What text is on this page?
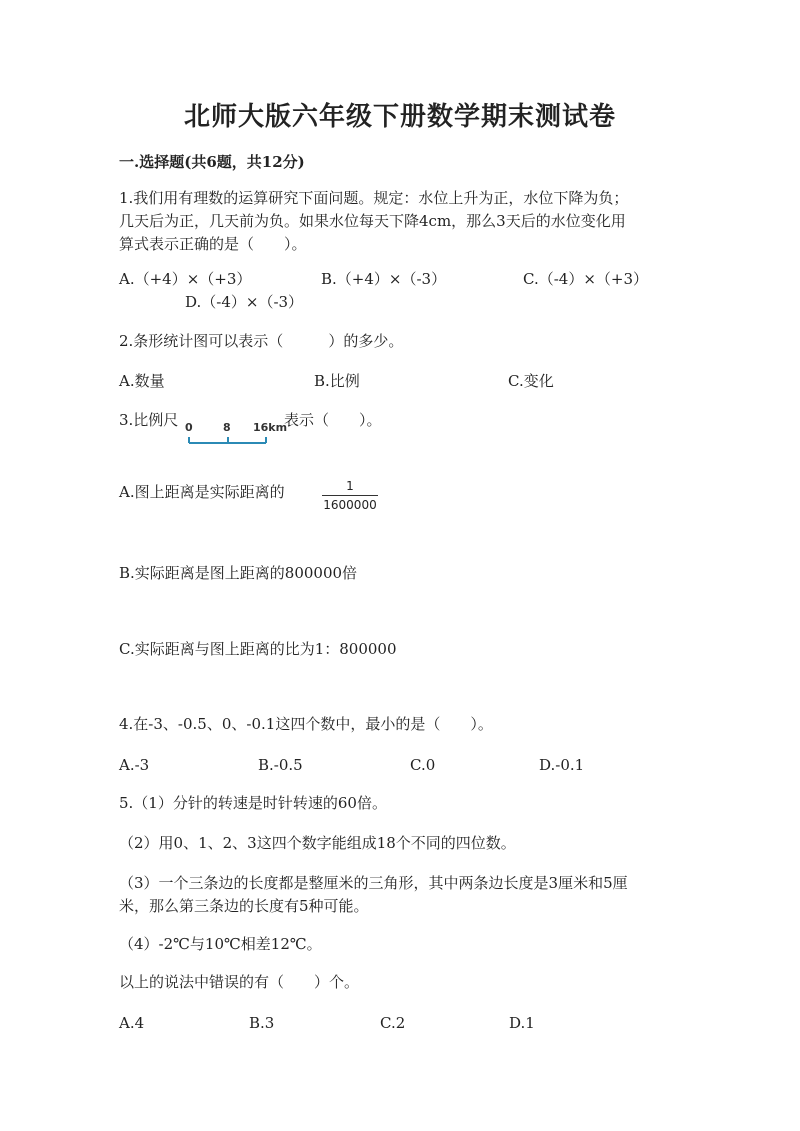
北师大版六年级下册数学期末测试卷
一.选择题(共6题，共12分)
1.我们用有理数的运算研究下面问题。规定：水位上升为正，水位下降为负；
几天后为正，几天前为负。如果水位每天下降4cm，那么3天后的水位变化用
算式表示正确的是（　　）。
A.（+4）×（+3）	B.（+4）×（-3）	C.（-4）×（+3）
D.（-4）×（-3）
2.条形统计图可以表示（　　　）的多少。
A.数量	B.比例	C.变化
3.比例尺 0	8 16km
表示（　　）。
A.图上距离是实际距离的	1
1600000
B.实际距离是图上距离的800000倍
C.实际距离与图上距离的比为1：800000
4.在-3、-0.5、0、-0.1这四个数中，最小的是（　　）。
A.-3	B.-0.5	C.0	D.-0.1
5.（1）分针的转速是时针转速的60倍。
（2）用0、1、2、3这四个数字能组成18个不同的四位数。
（3）一个三条边的长度都是整厘米的三角形，其中两条边长度是3厘米和5厘
米，那么第三条边的长度有5种可能。
（4）-2℃与10℃相差12℃。
以上的说法中错误的有（　　）个。
A.4	B.3	C.2	D.1
